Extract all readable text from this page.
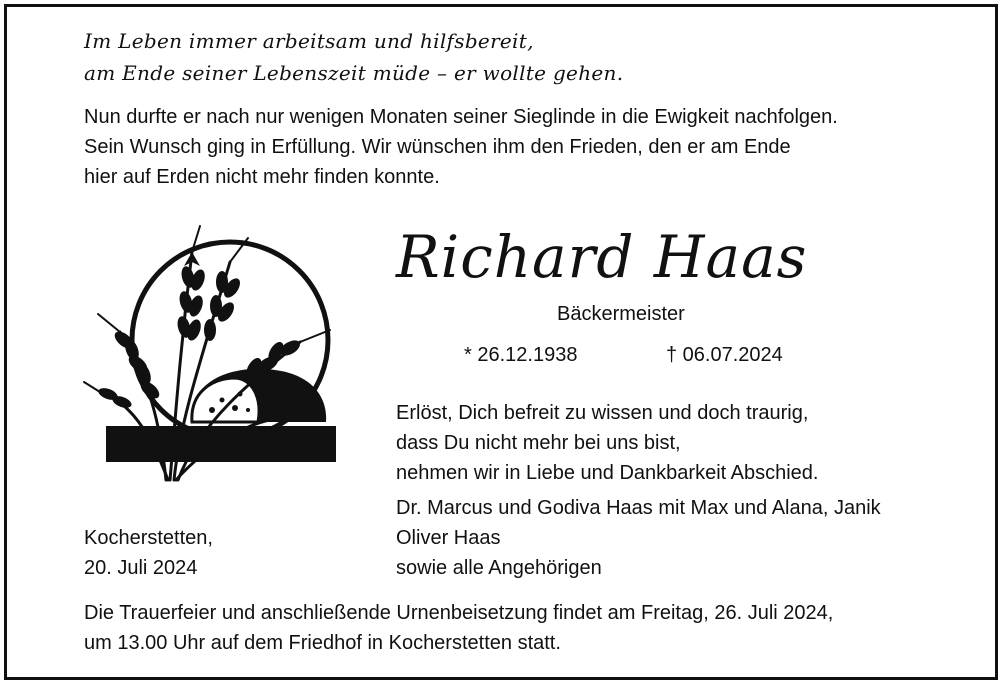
Im Leben immer arbeitsam und hilfsbereit,
am Ende seiner Lebenszeit müde – er wollte gehen.
Nun durfte er nach nur wenigen Monaten seiner Sieglinde in die Ewigkeit nachfolgen.
Sein Wunsch ging in Erfüllung. Wir wünschen ihm den Frieden, den er am Ende
hier auf Erden nicht mehr finden konnte.
Richard Haas
Bäckermeister
* 26.12.1938	† 06.07.2024
Erlöst, Dich befreit zu wissen und doch traurig,
dass Du nicht mehr bei uns bist,
nehmen wir in Liebe und Dankbarkeit Abschied.
Dr. Marcus und Godiva Haas mit Max und Alana, Janik
Oliver Haas
sowie alle Angehörigen
Kocherstetten,
20. Juli 2024
Die Trauerfeier und anschließende Urnenbeisetzung findet am Freitag, 26. Juli 2024,
um 13.00 Uhr auf dem Friedhof in Kocherstetten statt.
